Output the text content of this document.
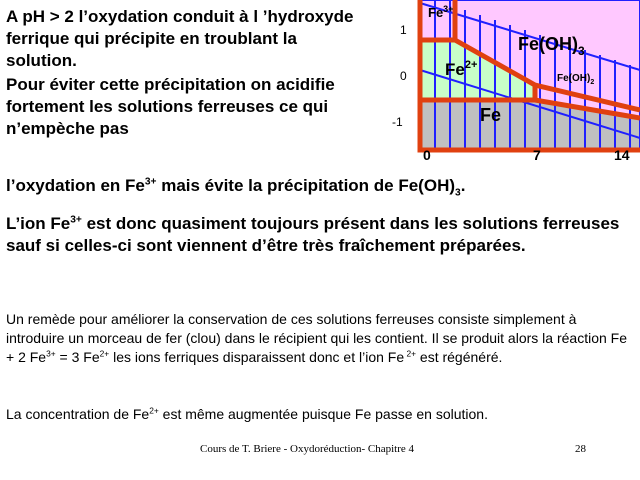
A pH > 2 l’oxydation conduit à l ’hydroxyde ferrique qui précipite en troublant la solution.
Pour éviter cette précipitation on acidifie fortement les solutions ferreuses ce qui n’empèche pas
1
0
-1
0	7	14
$Fe^{3+}$
$Fe(OH)_3$
$Fe^{2+}$
$Fe(OH)_2$
Fe
l’oxydation en $Fe^{3+}$ mais évite la précipitation de $Fe(OH)_3$.
L’ion $Fe^{3+}$ est donc quasiment toujours présent dans les solutions ferreuses sauf si celles-ci sont viennent d’être très fraîchement préparées.
Un remède pour améliorer la conservation de ces solutions ferreuses consiste simplement à introduire un morceau de fer (clou) dans le récipient qui les contient. Il se produit alors la réaction Fe + 2 $Fe^{3+} = 3$ $Fe^{2+}$ les ions ferriques disparaissent donc et l’ion Fe $^{2+}$ est régénéré.
La concentration de $Fe^{2+}$ est même augmentée puisque Fe passe en solution.
Cours de T. Briere - Oxydoréduction- Chapitre 4	28
